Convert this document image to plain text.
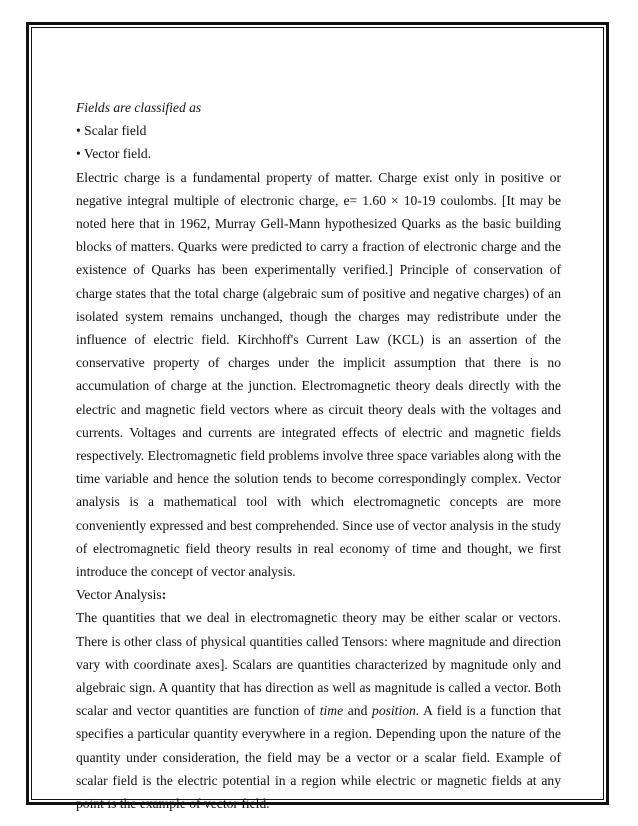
Fields are classified as

• Scalar field

• Vector field.

Electric charge is a fundamental property of matter. Charge exist only in positive or negative integral multiple of electronic charge, e= 1.60 × 10-19 coulombs. [It may be noted here that in 1962, Murray Gell-Mann hypothesized Quarks as the basic building blocks of matters. Quarks were predicted to carry a fraction of electronic charge and the existence of Quarks has been experimentally verified.] Principle of conservation of charge states that the total charge (algebraic sum of positive and negative charges) of an isolated system remains unchanged, though the charges may redistribute under the influence of electric field. Kirchhoff's Current Law (KCL) is an assertion of the conservative property of charges under the implicit assumption that there is no accumulation of charge at the junction. Electromagnetic theory deals directly with the electric and magnetic field vectors where as circuit theory deals with the voltages and currents. Voltages and currents are integrated effects of electric and magnetic fields respectively. Electromagnetic field problems involve three space variables along with the time variable and hence the solution tends to become correspondingly complex. Vector analysis is a mathematical tool with which electromagnetic concepts are more conveniently expressed and best comprehended. Since use of vector analysis in the study of electromagnetic field theory results in real economy of time and thought, we first introduce the concept of vector analysis.

Vector Analysis:

The quantities that we deal in electromagnetic theory may be either scalar or vectors. There is other class of physical quantities called Tensors: where magnitude and direction vary with coordinate axes]. Scalars are quantities characterized by magnitude only and algebraic sign. A quantity that has direction as well as magnitude is called a vector. Both scalar and vector quantities are function of time and position. A field is a function that specifies a particular quantity everywhere in a region. Depending upon the nature of the quantity under consideration, the field may be a vector or a scalar field. Example of scalar field is the electric potential in a region while electric or magnetic fields at any point is the example of vector field.
